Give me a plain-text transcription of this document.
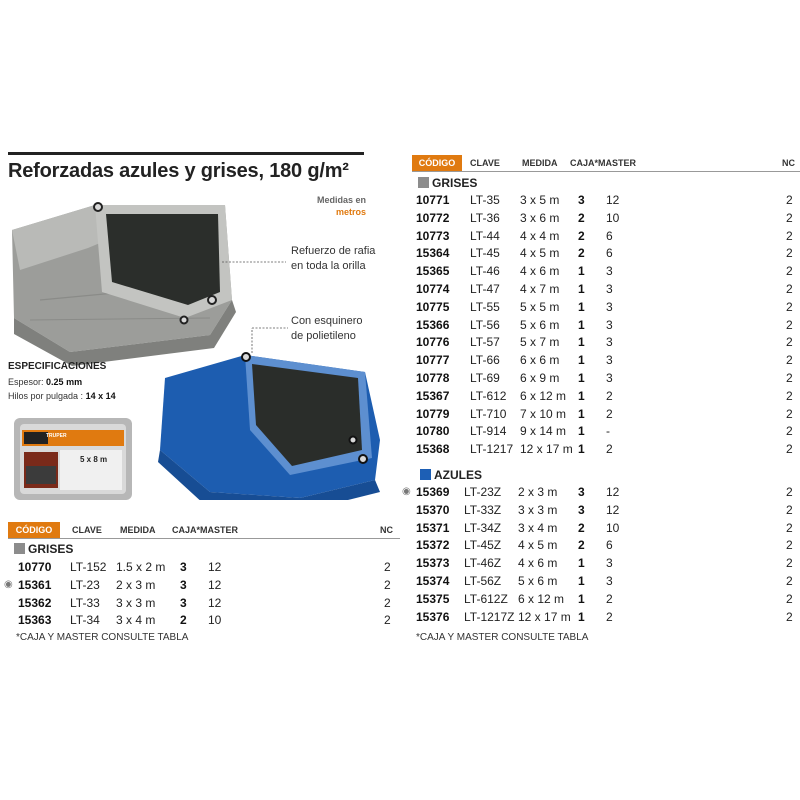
Reforzadas azules y grises, 180 g/m²
Medidas en
metros
TRUPER
5 x 8 m
Refuerzo de rafia
en toda la orilla
Con esquinero
de polietileno
ESPECIFICACIONES
Espesor: 0.25 mm
Hilos por pulgada : 14 x 14
CÓDIGO	CLAVE MEDIDA CAJA* MASTER	NC
GRISES
10770 LT-152 1.5 x 2 m 3 12	2
15361 LT-23 2 x 3 m 3 12	2
◉
15362 LT-33 3 x 3 m 3 12	2
15363 LT-34 3 x 4 m 2 10	2
*CAJA Y MASTER CONSULTE TABLA
CÓDIGO	CLAVE MEDIDA CAJA* MASTER	NC
GRISES
10771 LT-35 3 x 5 m 3 12	2
10772 LT-36 3 x 6 m 2 10	2
10773 LT-44 4 x 4 m 2 6	2
15364 LT-45 4 x 5 m 2 6	2
15365 LT-46 4 x 6 m 1 3	2
10774 LT-47 4 x 7 m 1 3	2
10775 LT-55 5 x 5 m 1 3	2
15366 LT-56 5 x 6 m 1 3	2
10776 LT-57 5 x 7 m 1 3	2
10777 LT-66 6 x 6 m 1 3	2
10778 LT-69 6 x 9 m 1 3	2
15367 LT-612 6 x 12 m 1 2	2
10779 LT-710 7 x 10 m 1 2	2
10780 LT-914 9 x 14 m 1 -	2
15368 LT-1217 12 x 17 m 1 2	2
AZULES
15369 LT-23Z 2 x 3 m 3 12	2
◉
15370 LT-33Z 3 x 3 m 3 12	2
15371 LT-34Z 3 x 4 m 2 10	2
15372 LT-45Z 4 x 5 m 2 6	2
15373 LT-46Z 4 x 6 m 1 3	2
15374 LT-56Z 5 x 6 m 1 3	2
15375 LT-612Z 6 x 12 m 1 2	2
15376 LT-1217Z 12 x 17 m 1 2	2
*CAJA Y MASTER CONSULTE TABLA
